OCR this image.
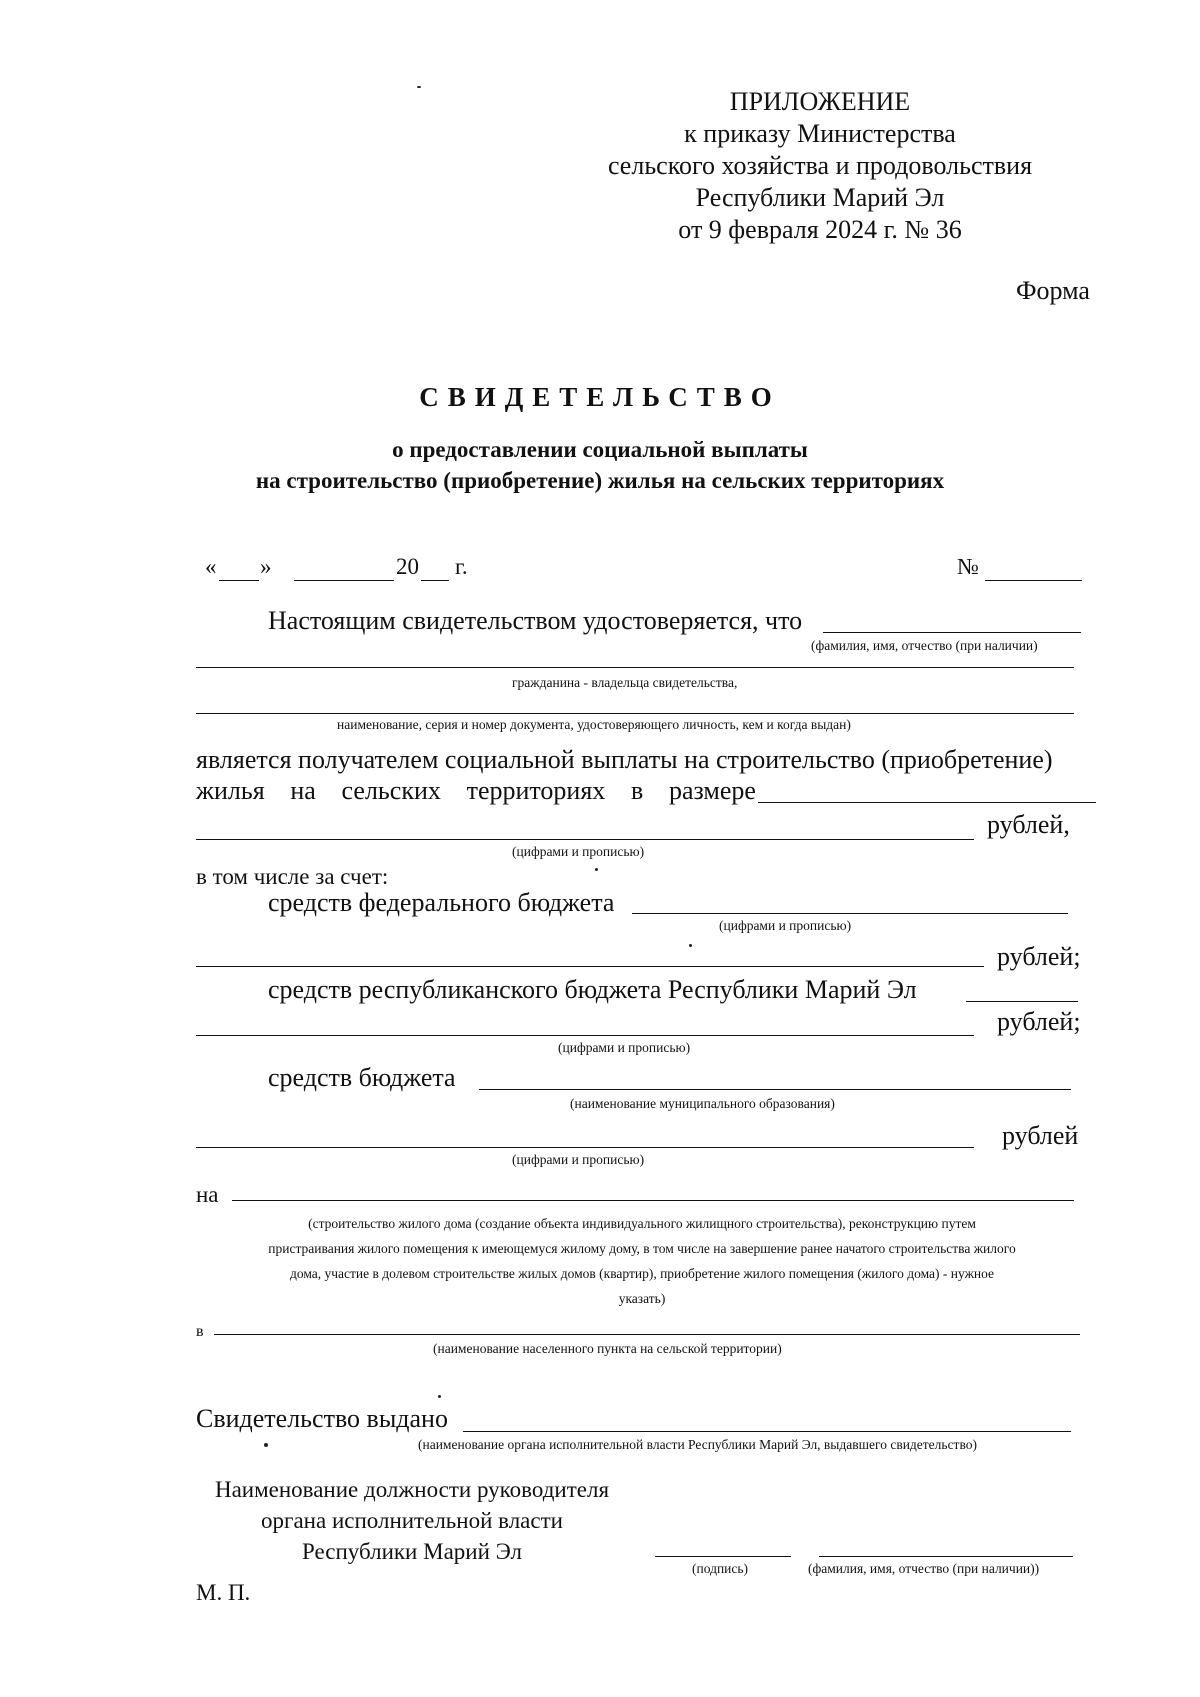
ПРИЛОЖЕНИЕ
к приказу Министерства
сельского хозяйства и продовольствия
Республики Марий Эл
от 9 февраля 2024 г. № 36
Форма
СВИДЕТЕЛЬСТВО
о предоставлении социальной выплаты
на строительство (приобретение) жилья на сельских территориях
« »	20 г.	№
Настоящим свидетельством удостоверяется, что
(фамилия, имя, отчество (при наличии)
гражданина - владельца свидетельства,
наименование, серия и номер документа, удостоверяющего личность, кем и когда выдан)
является получателем социальной выплаты на строительство (приобретение)
жилья на сельских территориях в размере
рублей,
(цифрами и прописью)
в том числе за счет:
средств федерального бюджета
(цифрами и прописью)
рублей;
средств республиканского бюджета Республики Марий Эл
рублей;
(цифрами и прописью)
средств бюджета
(наименование муниципального образования)
рублей
(цифрами и прописью)
на
(строительство жилого дома (создание объекта индивидуального жилищного строительства), реконструкцию путем
пристраивания жилого помещения к имеющемуся жилому дому, в том числе на завершение ранее начатого строительства жилого
дома, участие в долевом строительстве жилых домов (квартир), приобретение жилого помещения (жилого дома) - нужное
указать)
в
(наименование населенного пункта на сельской территории)
Свидетельство выдано
(наименование органа исполнительной власти Республики Марий Эл, выдавшего свидетельство)
Наименование должности руководителя
органа исполнительной власти
Республики Марий Эл
(подпись)	(фамилия, имя, отчество (при наличии))
М. П.
